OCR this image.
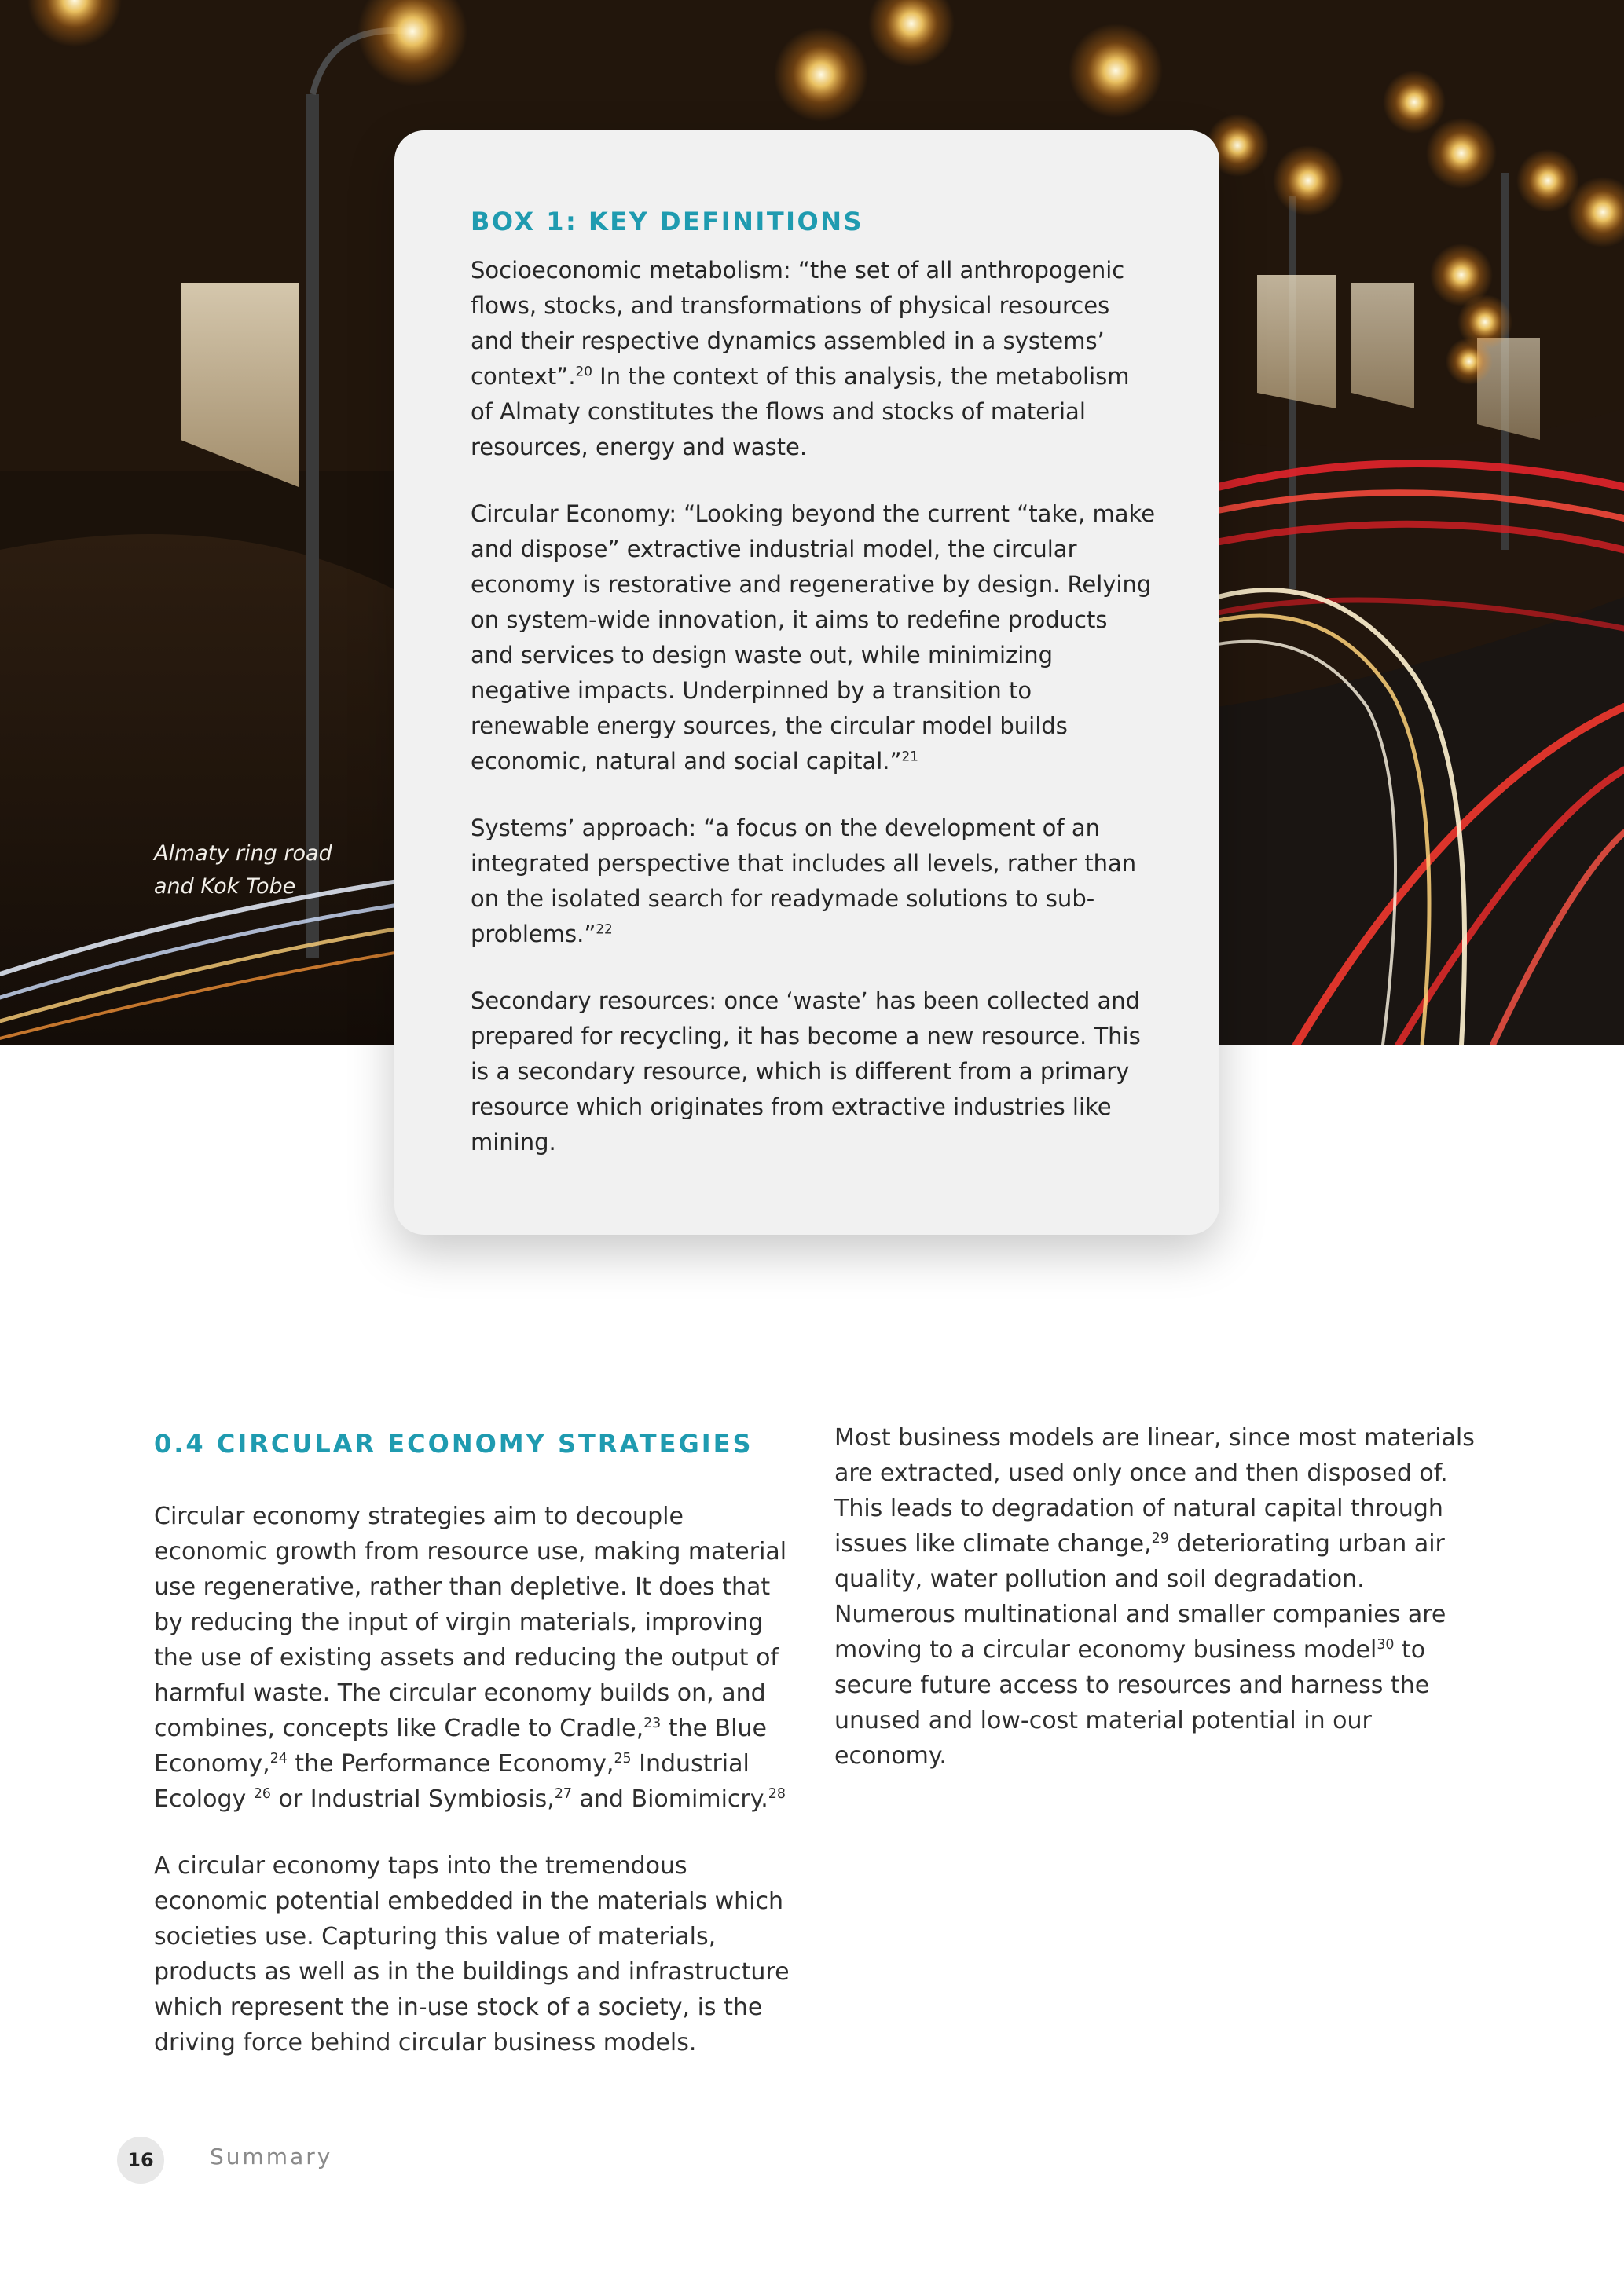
Almaty ring road
and Kok Tobe
BOX 1: KEY DEFINITIONS

Socioeconomic metabolism: “the set of all anthropogenic flows, stocks, and transformations of physical resources and their respective dynamics assembled in a systems’ context”.$^{20}$ In the context of this analysis, the metabolism of Almaty constitutes the flows and stocks of material resources, energy and waste.

Circular Economy: “Looking beyond the current “take, make and dispose” extractive industrial model, the circular economy is restorative and regenerative by design. Relying on system-wide innovation, it aims to redefine products and services to design waste out, while minimizing negative impacts. Underpinned by a transition to renewable energy sources, the circular model builds economic, natural and social capital.”$^{21}$

Systems’ approach: “a focus on the development of an integrated perspective that includes all levels, rather than on the isolated search for readymade solutions to sub-problems.”$^{22}$

Secondary resources: once ‘waste’ has been collected and prepared for recycling, it has become a new resource. This is a secondary resource, which is different from a primary resource which originates from extractive industries like mining.

0.4 CIRCULAR ECONOMY STRATEGIES

Circular economy strategies aim to decouple economic growth from resource use, making material use regenerative, rather than depletive. It does that by reducing the input of virgin materials, improving the use of existing assets and reducing the output of harmful waste. The circular economy builds on, and combines, concepts like Cradle to Cradle,$^{23}$ the Blue Economy,$^{24}$ the Performance Economy,$^{25}$ Industrial Ecology $^{26}$ or Industrial Symbiosis,$^{27}$ and Biomimicry.$^{28}$

A circular economy taps into the tremendous economic potential embedded in the materials which societies use. Capturing this value of materials, products as well as in the buildings and infrastructure which represent the in-use stock of a society, is the driving force behind circular business models.

Most business models are linear, since most materials are extracted, used only once and then disposed of. This leads to degradation of natural capital through issues like climate change,$^{29}$ deteriorating urban air quality, water pollution and soil degradation. Numerous multinational and smaller companies are moving to a circular economy business model$^{30}$ to secure future access to resources and harness the unused and low-cost material potential in our economy.

16	Summary
